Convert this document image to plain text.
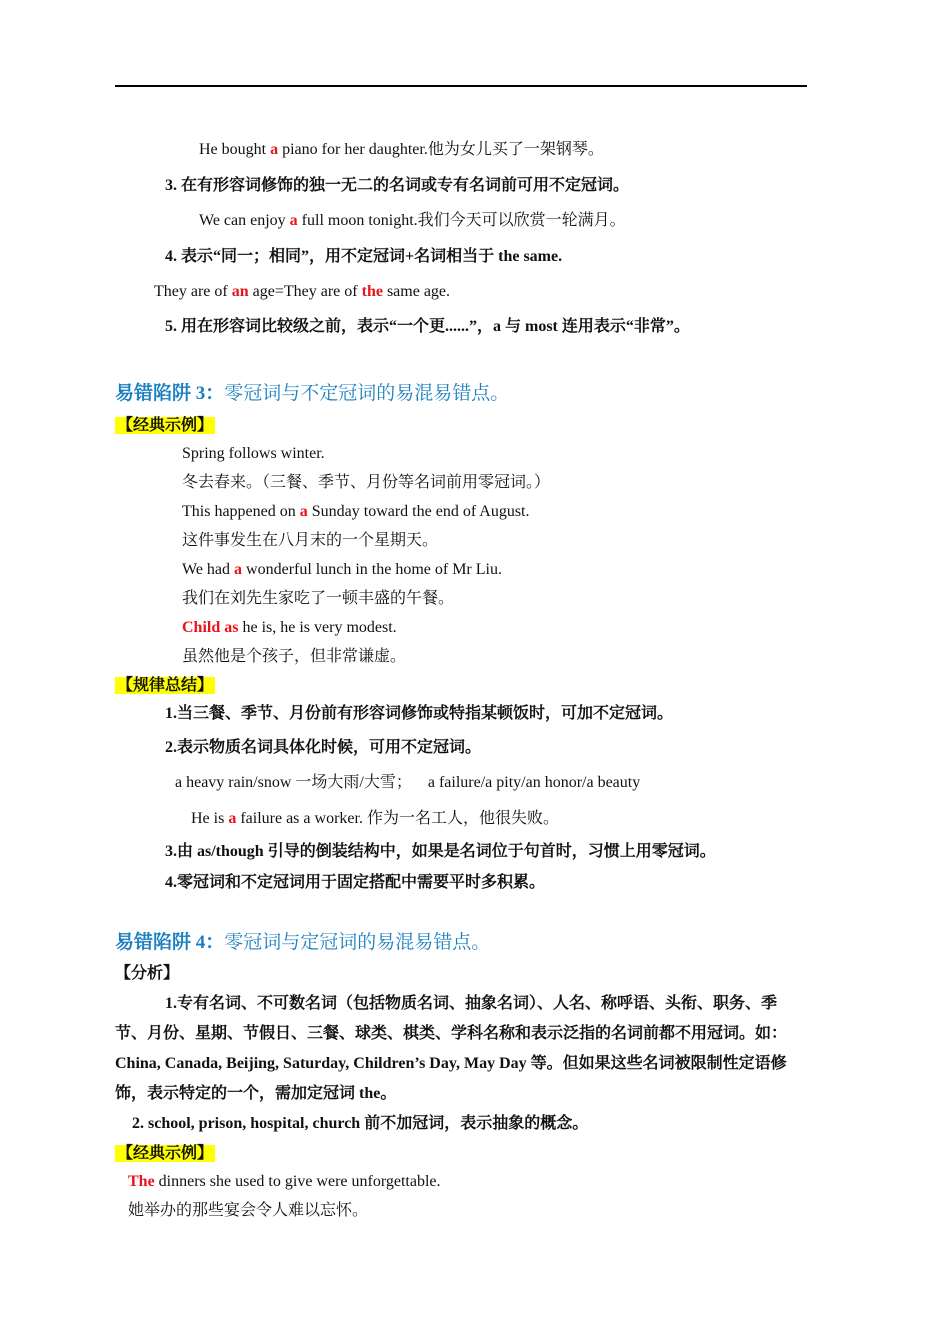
He bought a piano for her daughter.他为女儿买了一架钢琴。
3. 在有形容词修饰的独一无二的名词或专有名词前可用不定冠词。
We can enjoy a full moon tonight.我们今天可以欣赏一轮满月。
4. 表示“同一；相同”，用不定冠词+名词相当于 the same.
They are of an age=They are of the same age.
5. 用在形容词比较级之前，表示“一个更......”，a 与 most 连用表示“非常”。
易错陷阱 3：零冠词与不定冠词的易混易错点。
【经典示例】
Spring follows winter.
冬去春来。（三餐、季节、月份等名词前用零冠词。）
This happened on a Sunday toward the end of August.
这件事发生在八月末的一个星期天。
We had a wonderful lunch in the home of Mr Liu.
我们在刘先生家吃了一顿丰盛的午餐。
Child as he is, he is very modest.
虽然他是个孩子，但非常谦虚。
【规律总结】
1.当三餐、季节、月份前有形容词修饰或特指某顿饭时，可加不定冠词。
2.表示物质名词具体化时候，可用不定冠词。
a heavy rain/snow 一场大雨/大雪；    a failure/a pity/an honor/a beauty
He is a failure as a worker. 作为一名工人，他很失败。
3.由 as/though 引导的倒装结构中，如果是名词位于句首时，习惯上用零冠词。
4.零冠词和不定冠词用于固定搭配中需要平时多积累。
易错陷阱 4：零冠词与定冠词的易混易错点。
【分析】
1.专有名词、不可数名词（包括物质名词、抽象名词）、人名、称呼语、头衔、职务、季节、月份、星期、节假日、三餐、球类、棋类、学科名称和表示泛指的名词前都不用冠词。如：China, Canada, Beijing, Saturday, Children’s Day, May Day 等。但如果这些名词被限制性定语修饰，表示特定的一个，需加定冠词 the。
2. school, prison, hospital, church 前不加冠词，表示抽象的概念。
【经典示例】
The dinners she used to give were unforgettable.
她举办的那些宴会令人难以忘怀。
